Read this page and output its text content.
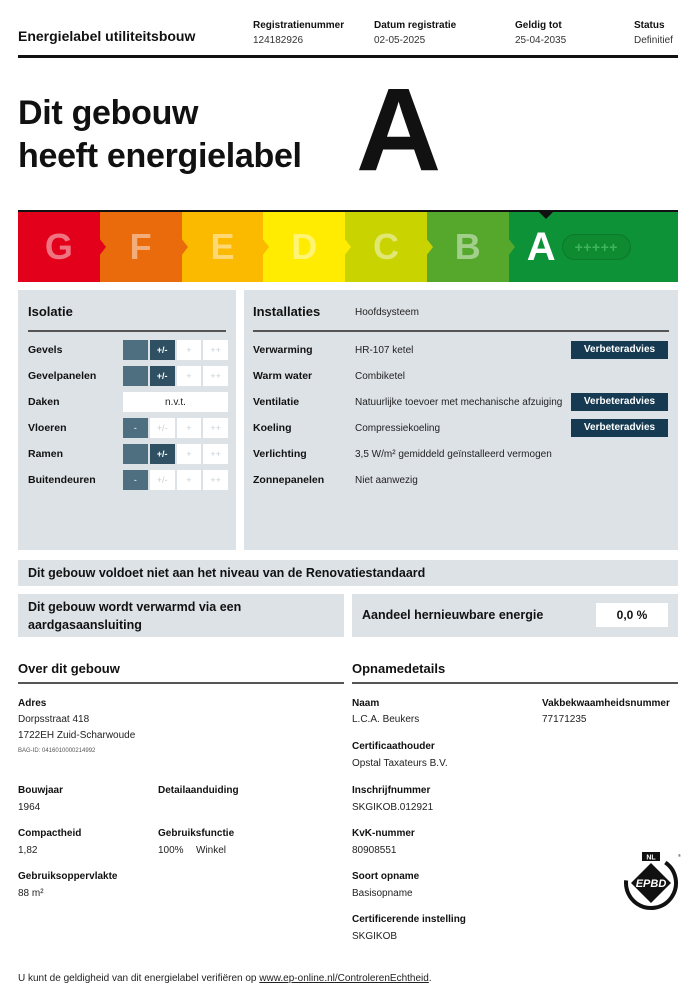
Energielabel utiliteitsbouw
Registratienummer
124182926
Datum registratie
02-05-2025
Geldig tot
25-04-2035
Status
Definitief
Dit gebouw
heeft energielabel A
G F E D C B A	+++++
Isolatie
Gevels	+/-	+	++
Gevelpanelen	+/-	+	++
Daken	n.v.t.
Vloeren	-	+/-	+	++
Ramen	+/-	+	++
Buitendeuren	-	+/-	+	++
Installaties	Hoofdsysteem
Verwarming	HR-107 ketel	Verbeteradvies
Warm water	Combiketel
Ventilatie	Natuurlijke toevoer met mechanische afzuiging	Verbeteradvies
Koeling	Compressiekoeling	Verbeteradvies
Verlichting	3,5 W/m² gemiddeld geïnstalleerd vermogen
Zonnepanelen	Niet aanwezig
Dit gebouw voldoet niet aan het niveau van de Renovatiestandaard
Dit gebouw wordt verwarmd via een aardgasaansluiting
Aandeel hernieuwbare energie	0,0 %
Over dit gebouw
Adres
Dorpsstraat 418
1722EH Zuid-Scharwoude
BAG-ID: 0416010000214992
Bouwjaar
1964
Detailaanduiding
Compactheid
1,82
Gebruiksfunctie
100% Winkel
Gebruiksoppervlakte
88 m²
Opnamedetails
Naam
L.C.A. Beukers
Vakbekwaamheidsnummer
77171235
Certificaathouder
Opstal Taxateurs B.V.
Inschrijfnummer
SKGIKOB.012921
KvK-nummer
80908551
Soort opname
Basisopname
Certificerende instelling
SKGIKOB
NL
EPBD
®
U kunt de geldigheid van dit energielabel verifiëren op www.ep-online.nl/ControlerenEchtheid.
